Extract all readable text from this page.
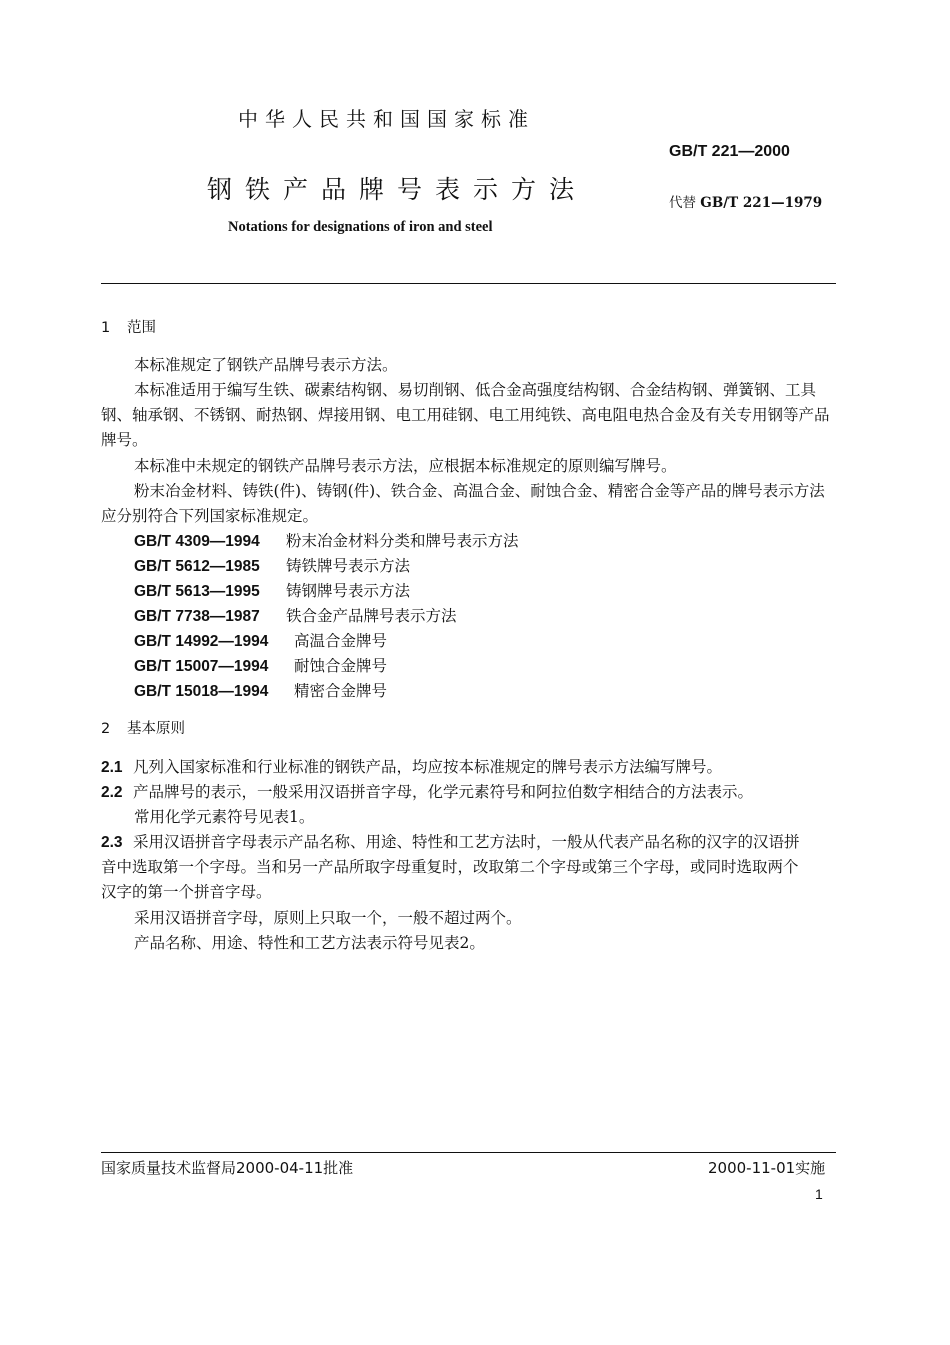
中华人民共和国国家标准
GB/T 221—2000
钢铁产品牌号表示方法	代替 GB/T 221—1979
Notations for designations of iron and steel
1 范围
本标准规定了钢铁产品牌号表示方法。
本标准适用于编写生铁、碳素结构钢、易切削钢、低合金高强度结构钢、合金结构钢、弹簧钢、工具
钢、轴承钢、不锈钢、耐热钢、焊接用钢、电工用硅钢、电工用纯铁、高电阻电热合金及有关专用钢等产品
牌号。
本标准中未规定的钢铁产品牌号表示方法，应根据本标准规定的原则编写牌号。
粉末冶金材料、铸铁(件)、铸钢(件)、铁合金、高温合金、耐蚀合金、精密合金等产品的牌号表示方法
应分别符合下列国家标准规定。
GB/T 4309—1994 粉末冶金材料分类和牌号表示方法
GB/T 5612—1985 铸铁牌号表示方法
GB/T 5613—1995 铸钢牌号表示方法
GB/T 7738—1987 铁合金产品牌号表示方法
GB/T 14992—1994 高温合金牌号
GB/T 15007—1994 耐蚀合金牌号
GB/T 15018—1994 精密合金牌号
2 基本原则
2.1 凡列入国家标准和行业标准的钢铁产品，均应按本标准规定的牌号表示方法编写牌号。
2.2 产品牌号的表示，一般采用汉语拼音字母，化学元素符号和阿拉伯数字相结合的方法表示。
常用化学元素符号见表1。
2.3 采用汉语拼音字母表示产品名称、用途、特性和工艺方法时，一般从代表产品名称的汉字的汉语拼
音中选取第一个字母。当和另一产品所取字母重复时，改取第二个字母或第三个字母，或同时选取两个
汉字的第一个拼音字母。
采用汉语拼音字母，原则上只取一个，一般不超过两个。
产品名称、用途、特性和工艺方法表示符号见表2。
国家质量技术监督局2000-04-11批准	2000-11-01实施
1
